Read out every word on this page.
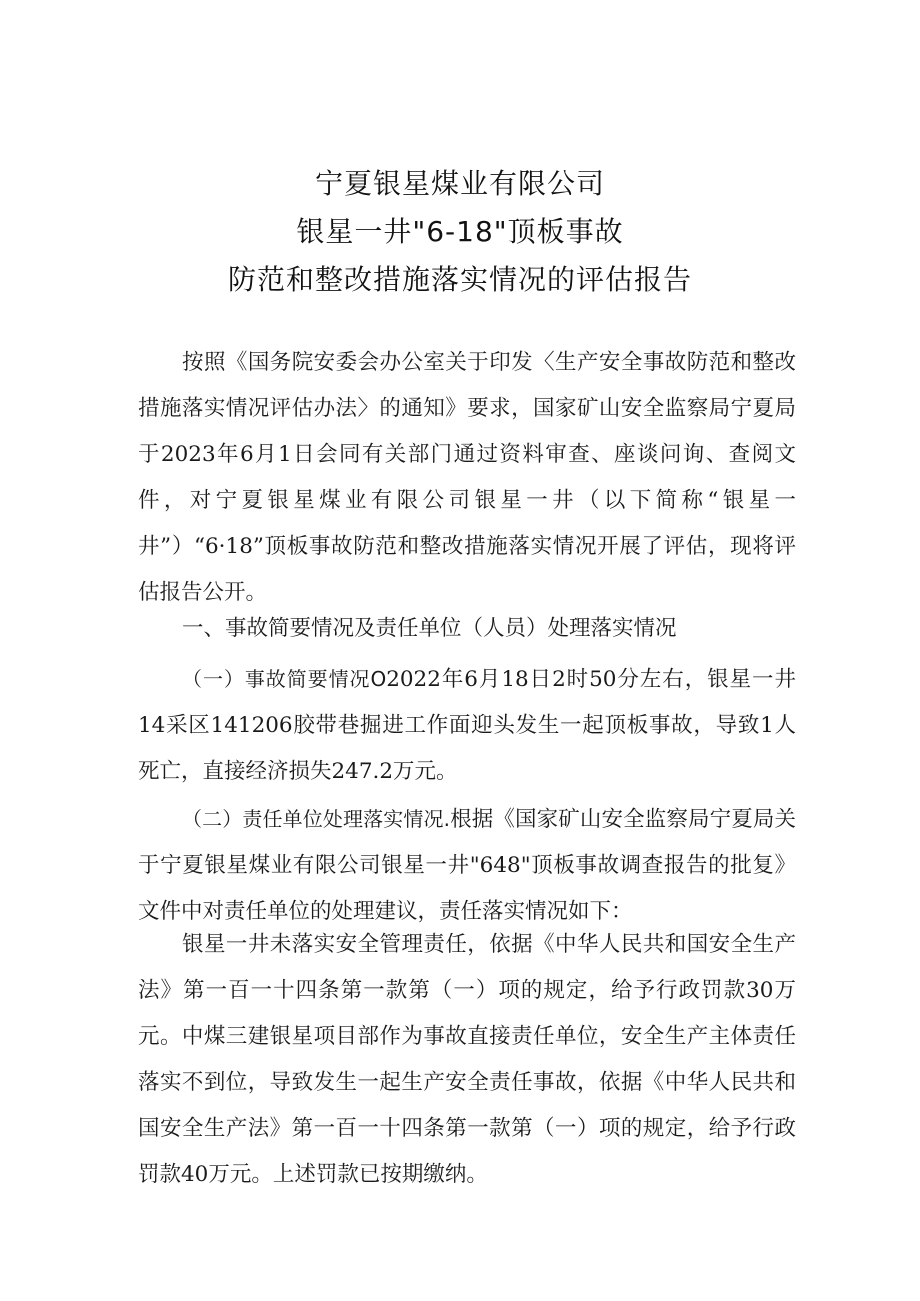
宁夏银星煤业有限公司
银星一井"6-18"顶板事故
防范和整改措施落实情况的评估报告

按照《国务院安委会办公室关于印发〈生产安全事故防范和整改措施落实情况评估办法〉的通知》要求，国家矿山安全监察局宁夏局于2023年6月1日会同有关部门通过资料审查、座谈问询、查阅文件，对宁夏银星煤业有限公司银星一井（以下简称“银星一井”）“6·18”顶板事故防范和整改措施落实情况开展了评估，现将评估报告公开。

一、事故简要情况及责任单位（人员）处理落实情况

（一）事故简要情况O2022年6月18日2时50分左右，银星一井14采区141206胶带巷掘进工作面迎头发生一起顶板事故，导致1人死亡，直接经济损失247.2万元。

（二）责任单位处理落实情况.根据《国家矿山安全监察局宁夏局关于宁夏银星煤业有限公司银星一井"648"顶板事故调查报告的批复》文件中对责任单位的处理建议，责任落实情况如下：

银星一井未落实安全管理责任，依据《中华人民共和国安全生产法》第一百一十四条第一款第（一）项的规定，给予行政罚款30万元。中煤三建银星项目部作为事故直接责任单位，安全生产主体责任落实不到位，导致发生一起生产安全责任事故，依据《中华人民共和国安全生产法》第一百一十四条第一款第（一）项的规定，给予行政罚款40万元。上述罚款已按期缴纳。
